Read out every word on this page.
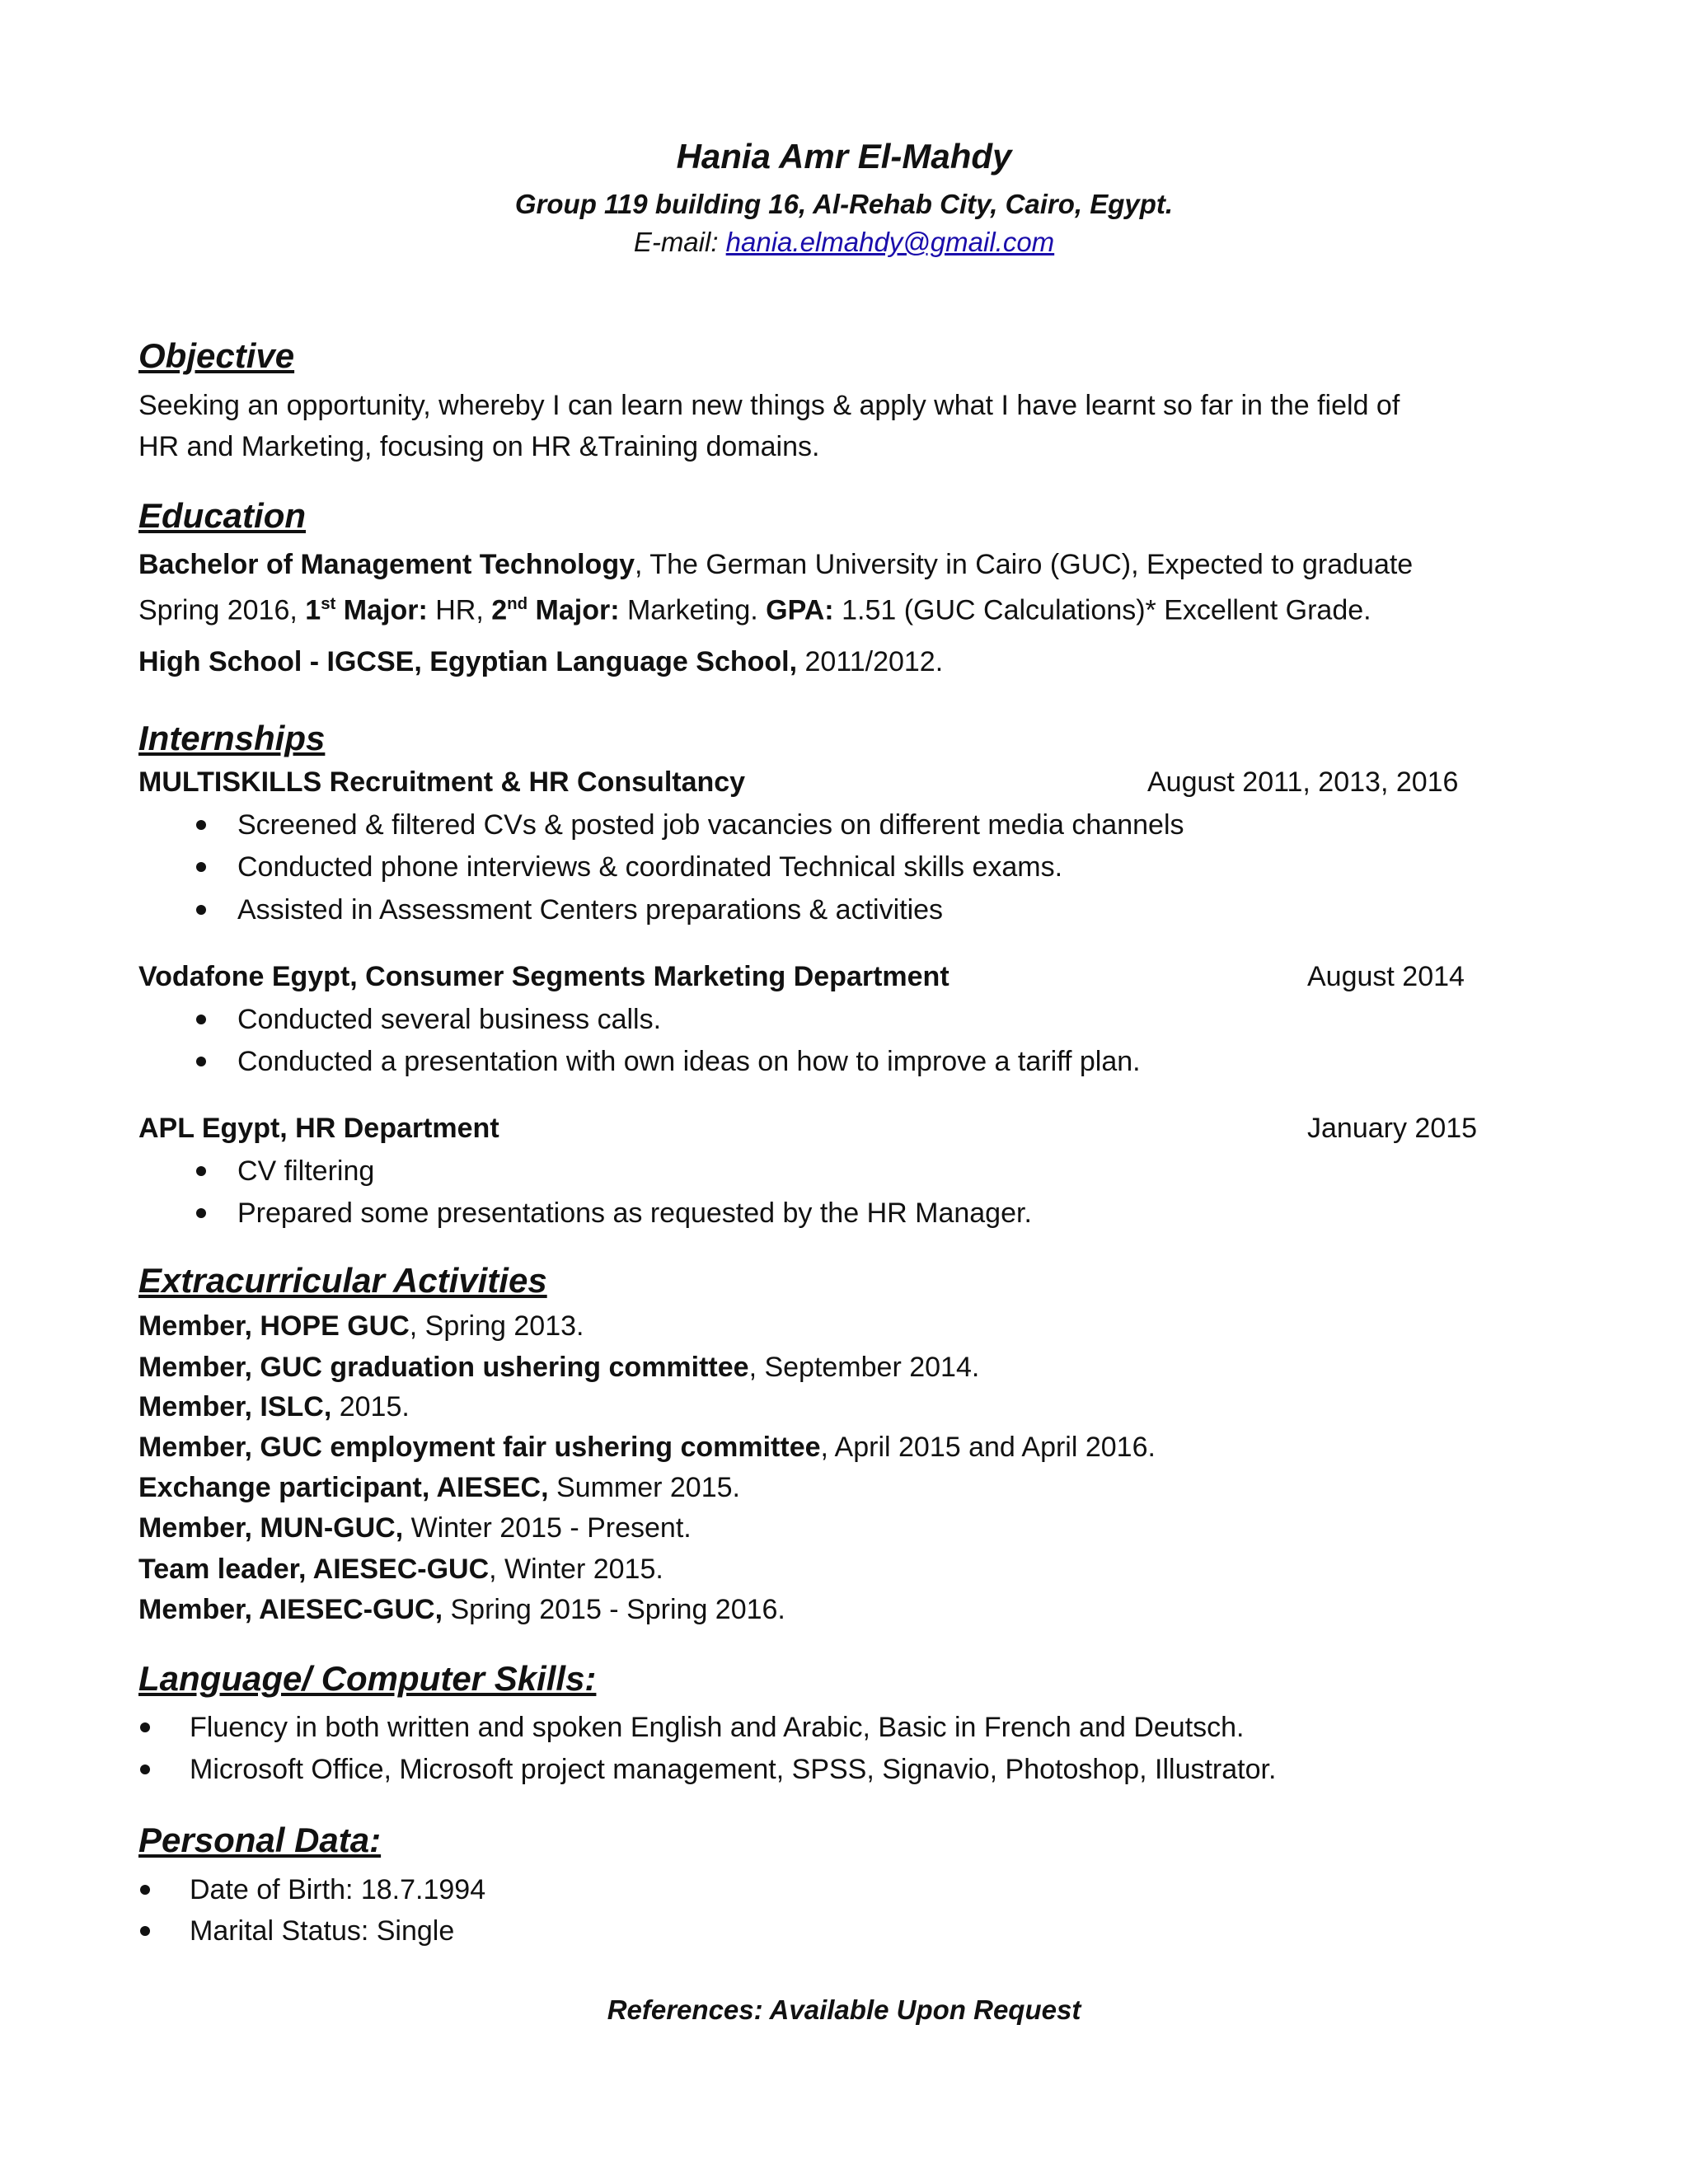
Hania Amr El-Mahdy
Group 119 building 16, Al-Rehab City, Cairo, Egypt.
E-mail: hania.elmahdy@gmail.com
Objective
Seeking an opportunity, whereby I can learn new things & apply what I have learnt so far in the field of
HR and Marketing, focusing on HR &Training domains.
Education
Bachelor of Management Technology, The German University in Cairo (GUC), Expected to graduate
Spring 2016, 1st Major: HR, 2nd Major: Marketing. GPA: 1.51 (GUC Calculations)* Excellent Grade.
High School - IGCSE, Egyptian Language School, 2011/2012.
Internships
MULTISKILLS Recruitment & HR Consultancy	August 2011, 2013, 2016
Screened & filtered CVs & posted job vacancies on different media channels
Conducted phone interviews & coordinated Technical skills exams.
Assisted in Assessment Centers preparations & activities
Vodafone Egypt, Consumer Segments Marketing Department	August 2014
Conducted several business calls.
Conducted a presentation with own ideas on how to improve a tariff plan.
APL Egypt, HR Department	January 2015
CV filtering
Prepared some presentations as requested by the HR Manager.
Extracurricular Activities
Member, HOPE GUC, Spring 2013.
Member, GUC graduation ushering committee, September 2014.
Member, ISLC, 2015.
Member, GUC employment fair ushering committee, April 2015 and April 2016.
Exchange participant, AIESEC, Summer 2015.
Member, MUN-GUC, Winter 2015 - Present.
Team leader, AIESEC-GUC, Winter 2015.
Member, AIESEC-GUC, Spring 2015 - Spring 2016.
Language/ Computer Skills:
Fluency in both written and spoken English and Arabic, Basic in French and Deutsch.
Microsoft Office, Microsoft project management, SPSS, Signavio, Photoshop, Illustrator.
Personal Data:
Date of Birth: 18.7.1994
Marital Status: Single
References: Available Upon Request
